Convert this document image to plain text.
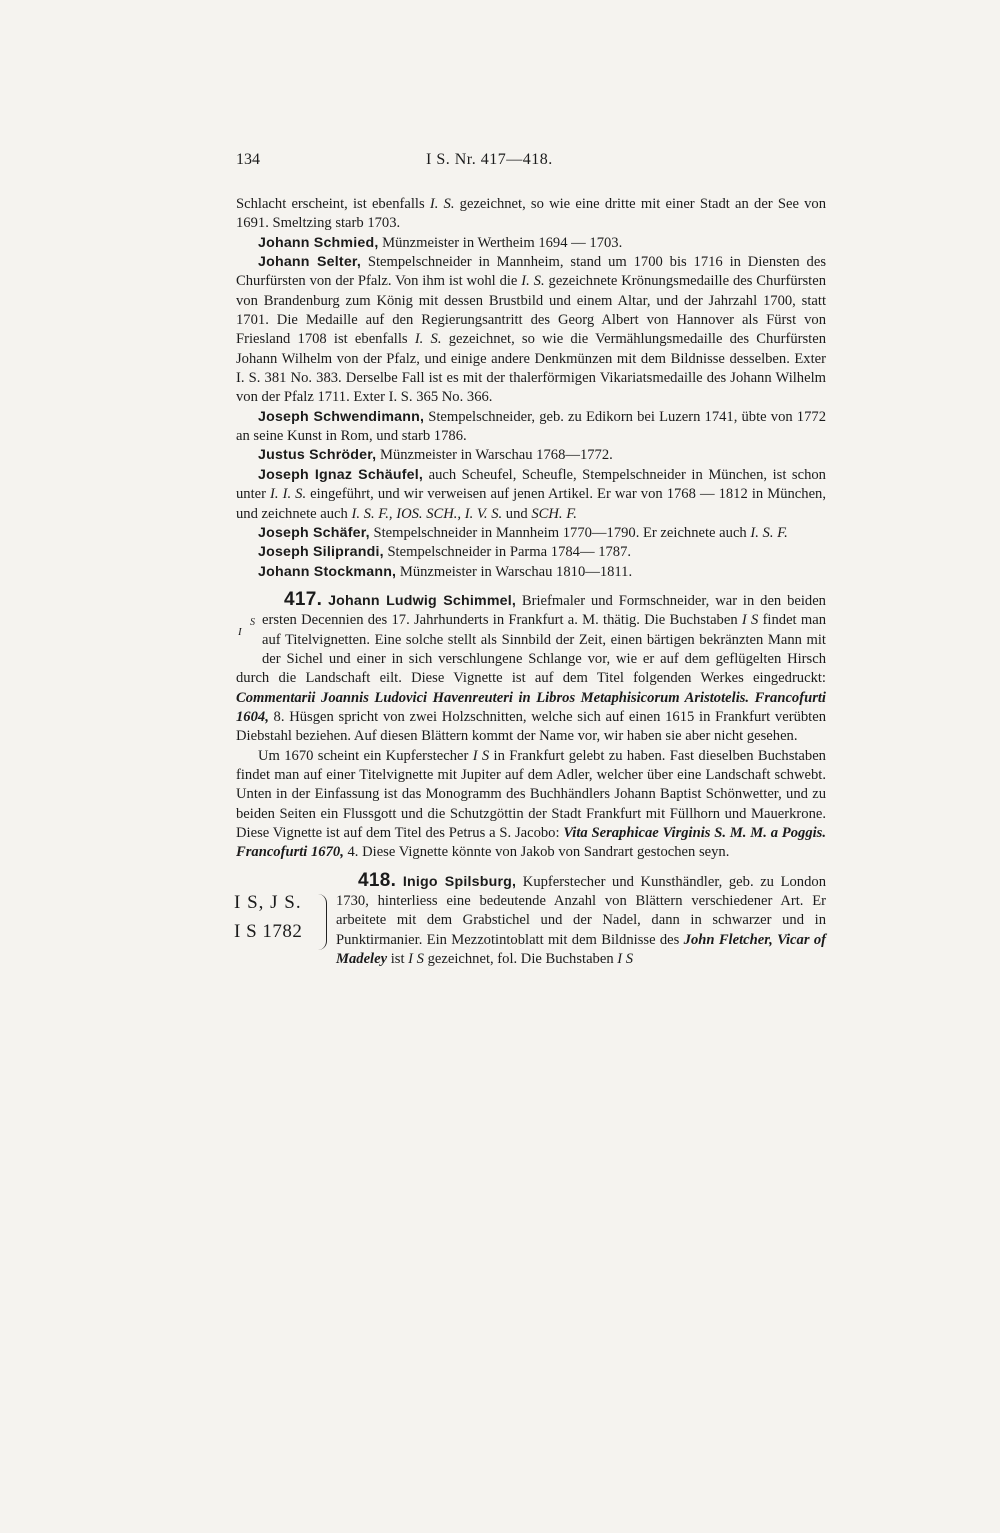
134	I S. Nr. 417—418.

Schlacht erscheint, ist ebenfalls I. S. gezeichnet, so wie eine dritte mit einer Stadt an der See von 1691. Smeltzing starb 1703.

Johann Schmied, Münzmeister in Wertheim 1694 — 1703.

Johann Selter, Stempelschneider in Mannheim, stand um 1700 bis 1716 in Diensten des Churfürsten von der Pfalz. Von ihm ist wohl die I. S. gezeichnete Krönungsmedaille des Churfürsten von Brandenburg zum König mit dessen Brustbild und einem Altar, und der Jahrzahl 1700, statt 1701. Die Medaille auf den Regierungsantritt des Georg Albert von Hannover als Fürst von Friesland 1708 ist ebenfalls I. S. gezeichnet, so wie die Vermählungsmedaille des Churfürsten Johann Wilhelm von der Pfalz, und einige andere Denkmünzen mit dem Bildnisse desselben. Exter I. S. 381 No. 383. Derselbe Fall ist es mit der thalerförmigen Vikariatsmedaille des Johann Wilhelm von der Pfalz 1711. Exter I. S. 365 No. 366.

Joseph Schwendimann, Stempelschneider, geb. zu Edikorn bei Luzern 1741, übte von 1772 an seine Kunst in Rom, und starb 1786.

Justus Schröder, Münzmeister in Warschau 1768—1772.

Joseph Ignaz Schäufel, auch Scheufel, Scheufle, Stempelschneider in München, ist schon unter I. I. S. eingeführt, und wir verweisen auf jenen Artikel. Er war von 1768 — 1812 in München, und zeichnete auch I. S. F., IOS. SCH., I. V. S. und SCH. F.

Joseph Schäfer, Stempelschneider in Mannheim 1770—1790. Er zeichnete auch I. S. F.

Joseph Siliprandi, Stempelschneider in Parma 1784— 1787.

Johann Stockmann, Münzmeister in Warschau 1810—1811.

417. Johann Ludwig Schimmel, Briefmaler und Formschneider, war in den beiden ersten Decennien des 17. Jahrhunderts in Frankfurt a. M. thätig. Die Buchstaben I S findet man auf Titelvignetten. Eine solche stellt als Sinnbild der Zeit, einen bärtigen bekränzten Mann mit der Sichel und einer in sich verschlungene Schlange vor, wie er auf dem geflügelten Hirsch durch die Landschaft eilt. Diese Vignette ist auf dem Titel folgenden Werkes eingedruckt: Commentarii Joannis Ludovici Havenreuteri in Libros Metaphisicorum Aristotelis. Francofurti 1604, 8. Hüsgen spricht von zwei Holzschnitten, welche sich auf einen 1615 in Frankfurt verübten Diebstahl beziehen. Auf diesen Blättern kommt der Name vor, wir haben sie aber nicht gesehen.

Um 1670 scheint ein Kupferstecher I S in Frankfurt gelebt zu haben. Fast dieselben Buchstaben findet man auf einer Titelvignette mit Jupiter auf dem Adler, welcher über eine Landschaft schwebt. Unten in der Einfassung ist das Monogramm des Buchhändlers Johann Baptist Schönwetter, und zu beiden Seiten ein Flussgott und die Schutzgöttin der Stadt Frankfurt mit Füllhorn und Mauerkrone. Diese Vignette ist auf dem Titel des Petrus a S. Jacobo: Vita Seraphicae Virginis S. M. M. a Poggis. Francofurti 1670, 4. Diese Vignette könnte von Jakob von Sandrart gestochen seyn.

418. Inigo Spilsburg, Kupferstecher und Kunsthändler, geb. zu London 1730, hinterliess eine bedeutende Anzahl von Blättern verschiedener Art. Er arbeitete mit dem Grabstichel und der Nadel, dann in schwarzer und in Punktirmanier. Ein Mezzotintoblatt mit dem Bildnisse des John Fletcher, Vicar of Madeley ist I S gezeichnet, fol. Die Buchstaben I S

I
S
I S, J S.
I S 1782
